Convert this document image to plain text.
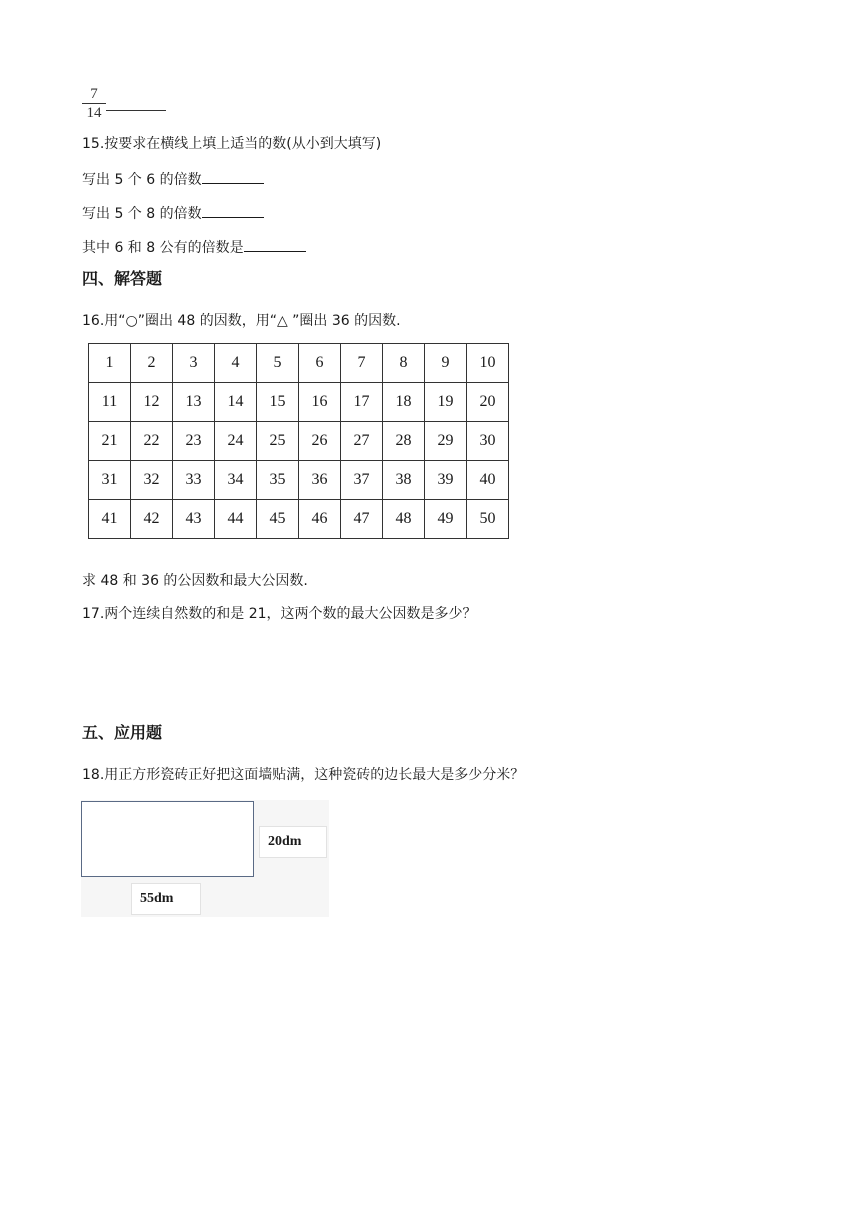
7
14
15.按要求在横线上填上适当的数(从小到大填写)
写出 5 个 6 的倍数
写出 5 个 8 的倍数
其中 6 和 8 公有的倍数是
四、解答题
16.用“○”圈出 48 的因数，用“△ ”圈出 36 的因数.
1	2	3	4	5	6	7	8	9	10
11	12	13	14	15	16	17	18	19	20
21	22	23	24	25	26	27	28	29	30
31	32	33	34	35	36	37	38	39	40
41	42	43	44	45	46	47	48	49	50
求 48 和 36 的公因数和最大公因数.
17.两个连续自然数的和是 21，这两个数的最大公因数是多少？
五、应用题
18.用正方形瓷砖正好把这面墙贴满，这种瓷砖的边长最大是多少分米？
20dm
55dm
